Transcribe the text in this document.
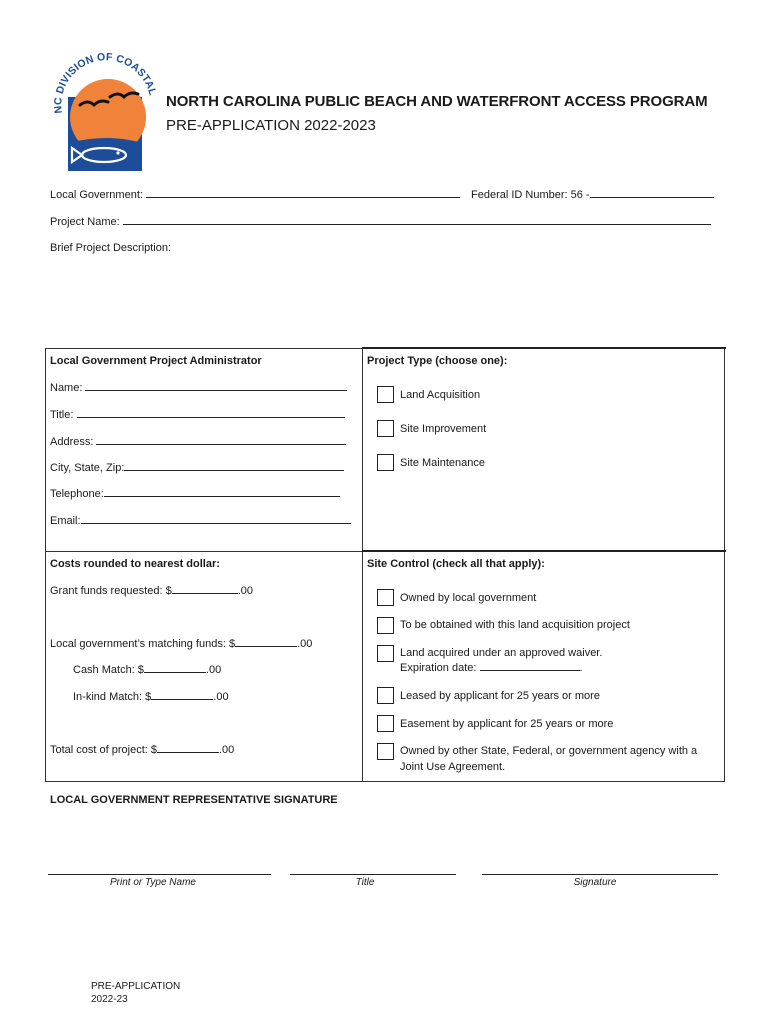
NC DIVISION OF COASTAL
NORTH CAROLINA PUBLIC BEACH AND WATERFRONT ACCESS PROGRAM
PRE-APPLICATION 2022-2023
Local Government:	Federal ID Number: 56 -
Project Name:
Brief Project Description:
Local Government Project Administrator
Name:
Title:
Address:
City, State, Zip:
Telephone:
Email:
Project Type (choose one):
Land Acquisition
Site Improvement
Site Maintenance
Costs rounded to nearest dollar:
Grant funds requested: $	.00
Local government’s matching funds: $	.00
Cash Match: $	.00
In-kind Match: $	.00
Total cost of project: $	.00
Site Control (check all that apply):
Owned by local government
To be obtained with this land acquisition project
Land acquired under an approved waiver.
Expiration date:	.
Leased by applicant for 25 years or more
Easement by applicant for 25 years or more
Owned by other State, Federal, or government agency with a
Joint Use Agreement.
LOCAL GOVERNMENT REPRESENTATIVE SIGNATURE
Print or Type Name	Title	Signature
PRE-APPLICATION
2022-23
